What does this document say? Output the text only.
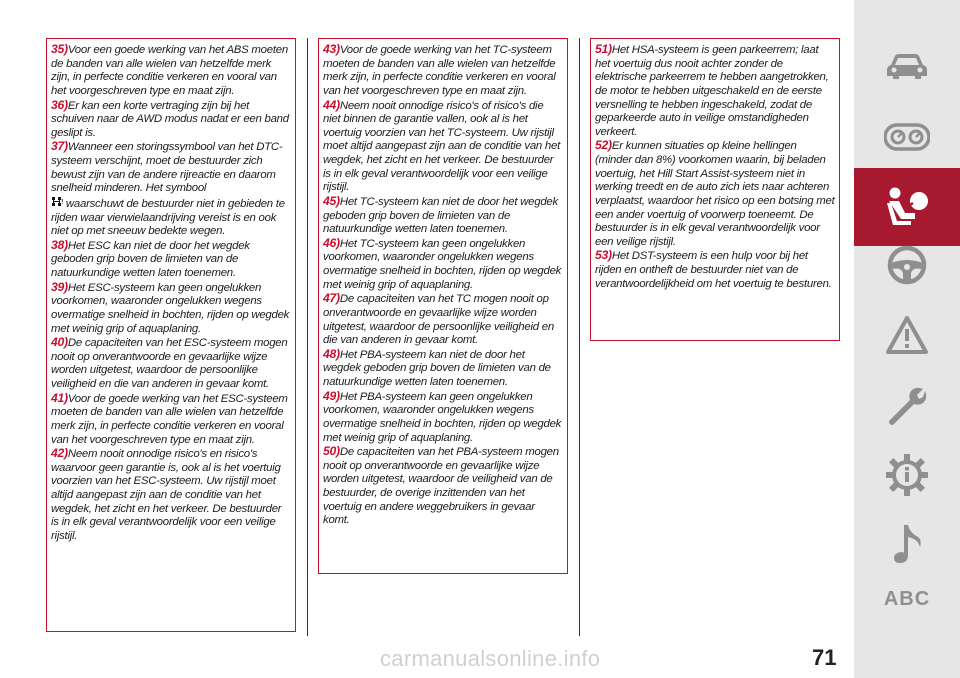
35)Voor een goede werking van het ABS moeten de banden van alle wielen van hetzelfde merk zijn, in perfecte conditie verkeren en vooral van het voorgeschreven type en maat zijn.

36)Er kan een korte vertraging zijn bij het schuiven naar de AWD modus nadat er een band geslipt is.

37)Wanneer een storingssymbool van het DTC-systeem verschijnt, moet de bestuurder zich bewust zijn van de andere rijreactie en daarom snelheid minderen. Het symbool

! waarschuwt de bestuurder niet in gebieden te rijden waar vierwielaandrijving vereist is en ook niet op met sneeuw bedekte wegen.

38)Het ESC kan niet de door het wegdek geboden grip boven de limieten van de natuurkundige wetten laten toenemen.

39)Het ESC-systeem kan geen ongelukken voorkomen, waaronder ongelukken wegens overmatige snelheid in bochten, rijden op wegdek met weinig grip of aquaplaning.

40)De capaciteiten van het ESC-systeem mogen nooit op onverantwoorde en gevaarlijke wijze worden uitgetest, waardoor de persoonlijke veiligheid en die van anderen in gevaar komt.

41)Voor de goede werking van het ESC-systeem moeten de banden van alle wielen van hetzelfde merk zijn, in perfecte conditie verkeren en vooral van het voorgeschreven type en maat zijn.

42)Neem nooit onnodige risico's en risico's waarvoor geen garantie is, ook al is het voertuig voorzien van het ESC-systeem. Uw rijstijl moet altijd aangepast zijn aan de conditie van het wegdek, het zicht en het verkeer. De bestuurder is in elk geval verantwoordelijk voor een veilige rijstijl.

43)Voor de goede werking van het TC-systeem moeten de banden van alle wielen van hetzelfde merk zijn, in perfecte conditie verkeren en vooral van het voorgeschreven type en maat zijn.

44)Neem nooit onnodige risico's of risico's die niet binnen de garantie vallen, ook al is het voertuig voorzien van het TC-systeem. Uw rijstijl moet altijd aangepast zijn aan de conditie van het wegdek, het zicht en het verkeer. De bestuurder is in elk geval verantwoordelijk voor een veilige rijstijl.

45)Het TC-systeem kan niet de door het wegdek geboden grip boven de limieten van de natuurkundige wetten laten toenemen.

46)Het TC-systeem kan geen ongelukken voorkomen, waaronder ongelukken wegens overmatige snelheid in bochten, rijden op wegdek met weinig grip of aquaplaning.

47)De capaciteiten van het TC mogen nooit op onverantwoorde en gevaarlijke wijze worden uitgetest, waardoor de persoonlijke veiligheid en die van anderen in gevaar komt.

48)Het PBA-systeem kan niet de door het wegdek geboden grip boven de limieten van de natuurkundige wetten laten toenemen.

49)Het PBA-systeem kan geen ongelukken voorkomen, waaronder ongelukken wegens overmatige snelheid in bochten, rijden op wegdek met weinig grip of aquaplaning.

50)De capaciteiten van het PBA-systeem mogen nooit op onverantwoorde en gevaarlijke wijze worden uitgetest, waardoor de veiligheid van de bestuurder, de overige inzittenden van het voertuig en andere weggebruikers in gevaar komt.

51)Het HSA-systeem is geen parkeerrem; laat het voertuig dus nooit achter zonder de elektrische parkeerrem te hebben aangetrokken, de motor te hebben uitgeschakeld en de eerste versnelling te hebben ingeschakeld, zodat de geparkeerde auto in veilige omstandigheden verkeert.

52)Er kunnen situaties op kleine hellingen (minder dan 8%) voorkomen waarin, bij beladen voertuig, het Hill Start Assist-systeem niet in werking treedt en de auto zich iets naar achteren verplaatst, waardoor het risico op een botsing met een ander voertuig of voorwerp toeneemt. De bestuurder is in elk geval verantwoordelijk voor een veilige rijstijl.

53)Het DST-systeem is een hulp voor bij het rijden en ontheft de bestuurder niet van de verantwoordelijkheid om het voertuig te besturen.

ABC
carmanualsonline.info	71
